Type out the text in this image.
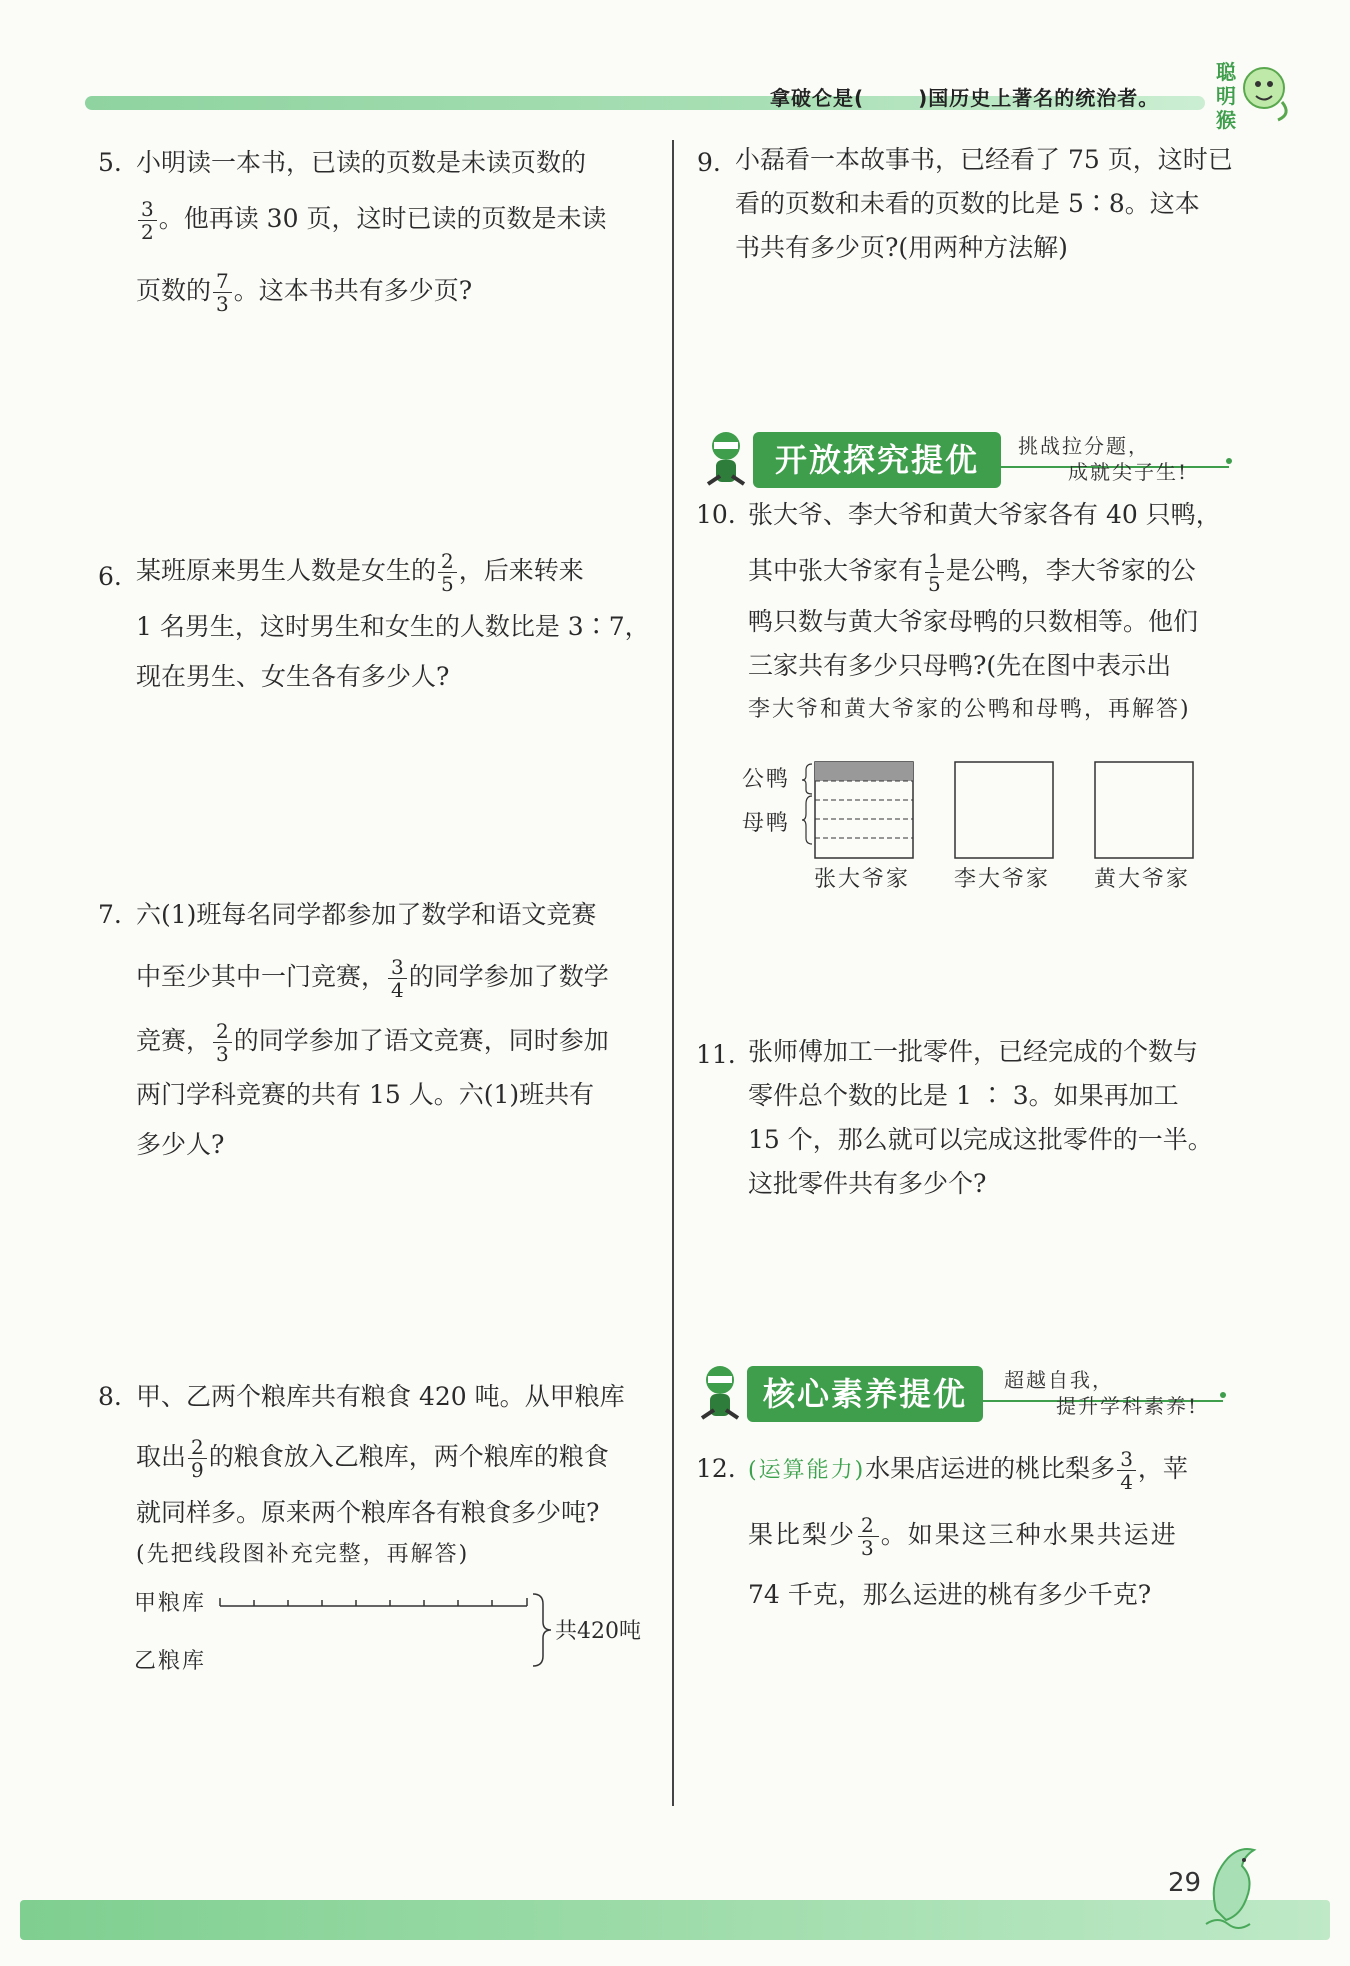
拿破仑是(	)国历史上著名的统治者。
聪明猴
5. 小明读一本书，已读的页数是未读页数的
$\frac{3}{2}$ 。他再读 30 页，这时已读的页数是未读
页数的 $\frac{7}{3}$ 。这本书共有多少页?
6. 某班原来男生人数是女生的 $\frac{2}{5}$ ，后来转来
1 名男生，这时男生和女生的人数比是 3∶7，
现在男生、女生各有多少人?
7. 六(1)班每名同学都参加了数学和语文竞赛
中至少其中一门竞赛， $\frac{3}{4}$ 的同学参加了数学
竞赛， $\frac{2}{3}$ 的同学参加了语文竞赛，同时参加
两门学科竞赛的共有 15 人。六(1)班共有
多少人?
8. 甲、乙两个粮库共有粮食 420 吨。从甲粮库
取出 $\frac{2}{9}$ 的粮食放入乙粮库，两个粮库的粮食
就同样多。原来两个粮库各有粮食多少吨?
(先把线段图补充完整，再解答)
甲粮库
乙粮库
共420吨
9. 小磊看一本故事书，已经看了 75 页，这时已
看的页数和未看的页数的比是 5∶8。这本
书共有多少页?(用两种方法解)
开放探究提优	挑战拉分题，
成就尖子生!
10. 张大爷、李大爷和黄大爷家各有 40 只鸭，
其中张大爷家有 $\frac{1}{5}$ 是公鸭，李大爷家的公
鸭只数与黄大爷家母鸭的只数相等。他们
三家共有多少只母鸭?(先在图中表示出
李大爷和黄大爷家的公鸭和母鸭，再解答)
公鸭
母鸭
张大爷家 李大爷家 黄大爷家
11. 张师傅加工一批零件，已经完成的个数与
零件总个数的比是 1 ∶ 3。如果再加工
15 个，那么就可以完成这批零件的一半。
这批零件共有多少个?
核心素养提优	超越自我，
提升学科素养!
12. (运算能力)水果店运进的桃比梨多 $\frac{3}{4}$ ，苹
果比梨少 $\frac{2}{3}$ 。如果这三种水果共运进
74 千克，那么运进的桃有多少千克?
29
